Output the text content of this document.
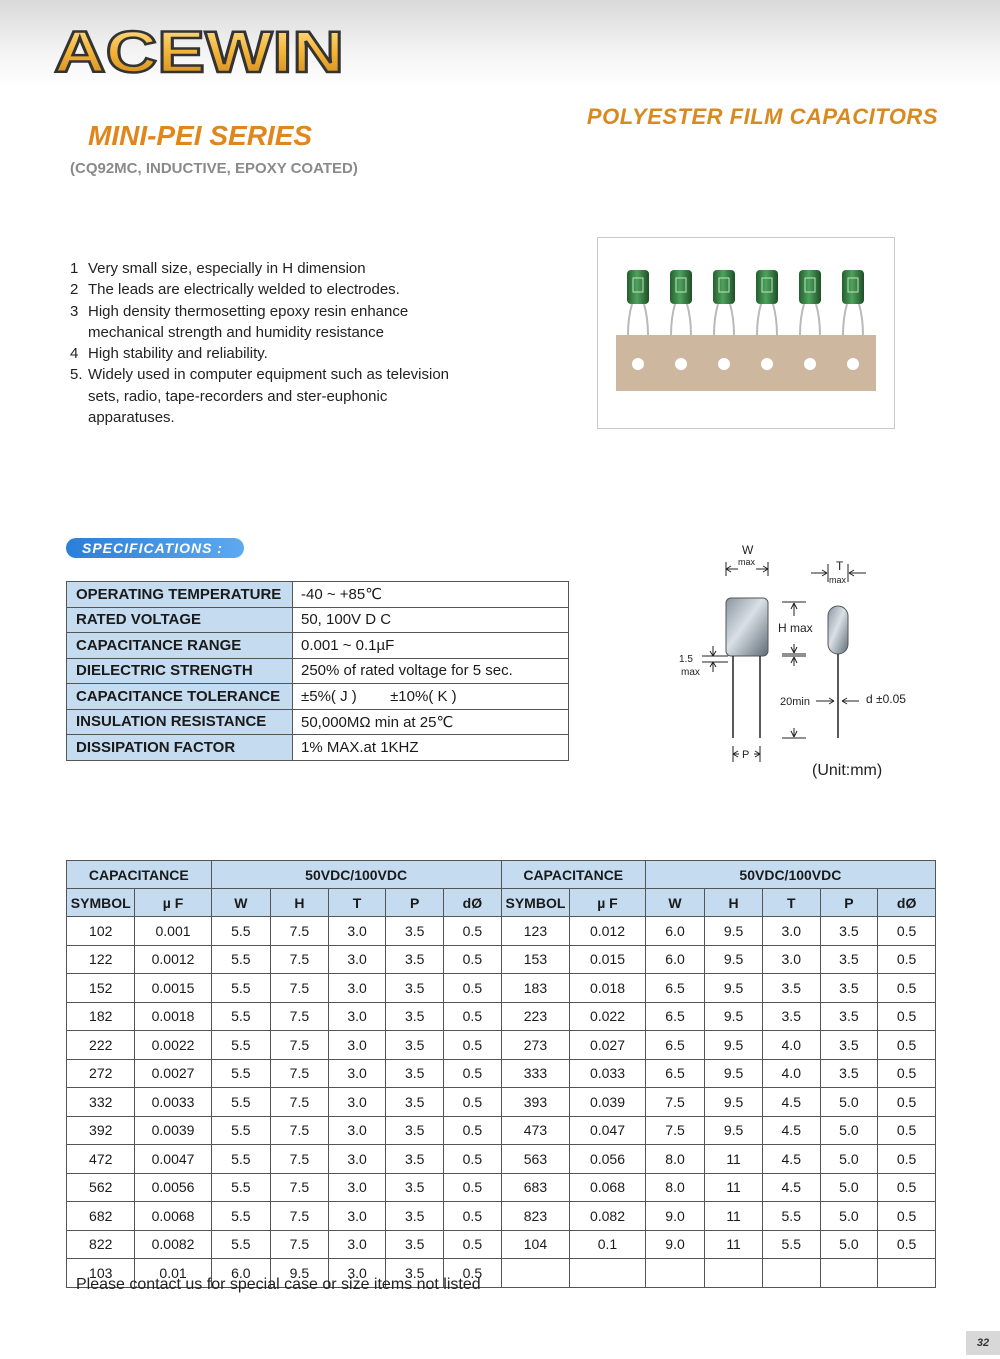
ACEWIN
POLYESTER FILM CAPACITORS
MINI-PEI SERIES
(CQ92MC, INDUCTIVE, EPOXY COATED)
1 Very small size, especially in H dimension
2 The leads are electrically welded to electrodes.
3 High density thermosetting epoxy resin enhance mechanical strength and humidity resistance
4 High stability and reliability.
5. Widely used in computer equipment such as television sets, radio, tape-recorders and ster-euphonic apparatuses.
SPECIFICATIONS :
OPERATING TEMPERATURE	-40 ~ +85℃
RATED VOLTAGE	50, 100V D C
CAPACITANCE RANGE	0.001 ~ 0.1µF
DIELECTRIC STRENGTH	250% of rated voltage for 5 sec.
CAPACITANCE TOLERANCE	±5%( J )        ±10%( K )
INSULATION RESISTANCE	50,000MΩ min at 25℃
DISSIPATION FACTOR	1% MAX.at 1KHZ
W
max	T
max
H max
1.5
max
20min	d ±0.05
P
(Unit:mm)
CAPACITANCE		50VDC/100VDC					CAPACITANCE		50VDC/100VDC				
SYMBOL	µ F	W	H	T	P	dØ	SYMBOL	µ F	W	H	T	P	dØ
102	0.001	5.5	7.5	3.0	3.5	0.5	123	0.012	6.0	9.5	3.0	3.5	0.5
122	0.0012	5.5	7.5	3.0	3.5	0.5	153	0.015	6.0	9.5	3.0	3.5	0.5
152	0.0015	5.5	7.5	3.0	3.5	0.5	183	0.018	6.5	9.5	3.5	3.5	0.5
182	0.0018	5.5	7.5	3.0	3.5	0.5	223	0.022	6.5	9.5	3.5	3.5	0.5
222	0.0022	5.5	7.5	3.0	3.5	0.5	273	0.027	6.5	9.5	4.0	3.5	0.5
272	0.0027	5.5	7.5	3.0	3.5	0.5	333	0.033	6.5	9.5	4.0	3.5	0.5
332	0.0033	5.5	7.5	3.0	3.5	0.5	393	0.039	7.5	9.5	4.5	5.0	0.5
392	0.0039	5.5	7.5	3.0	3.5	0.5	473	0.047	7.5	9.5	4.5	5.0	0.5
472	0.0047	5.5	7.5	3.0	3.5	0.5	563	0.056	8.0	11	4.5	5.0	0.5
562	0.0056	5.5	7.5	3.0	3.5	0.5	683	0.068	8.0	11	4.5	5.0	0.5
682	0.0068	5.5	7.5	3.0	3.5	0.5	823	0.082	9.0	11	5.5	5.0	0.5
822	0.0082	5.5	7.5	3.0	3.5	0.5	104	0.1	9.0	11	5.5	5.0	0.5
103	0.01	6.0	9.5	3.0	3.5	0.5							
Please contact us for special case or size items not listed
32
